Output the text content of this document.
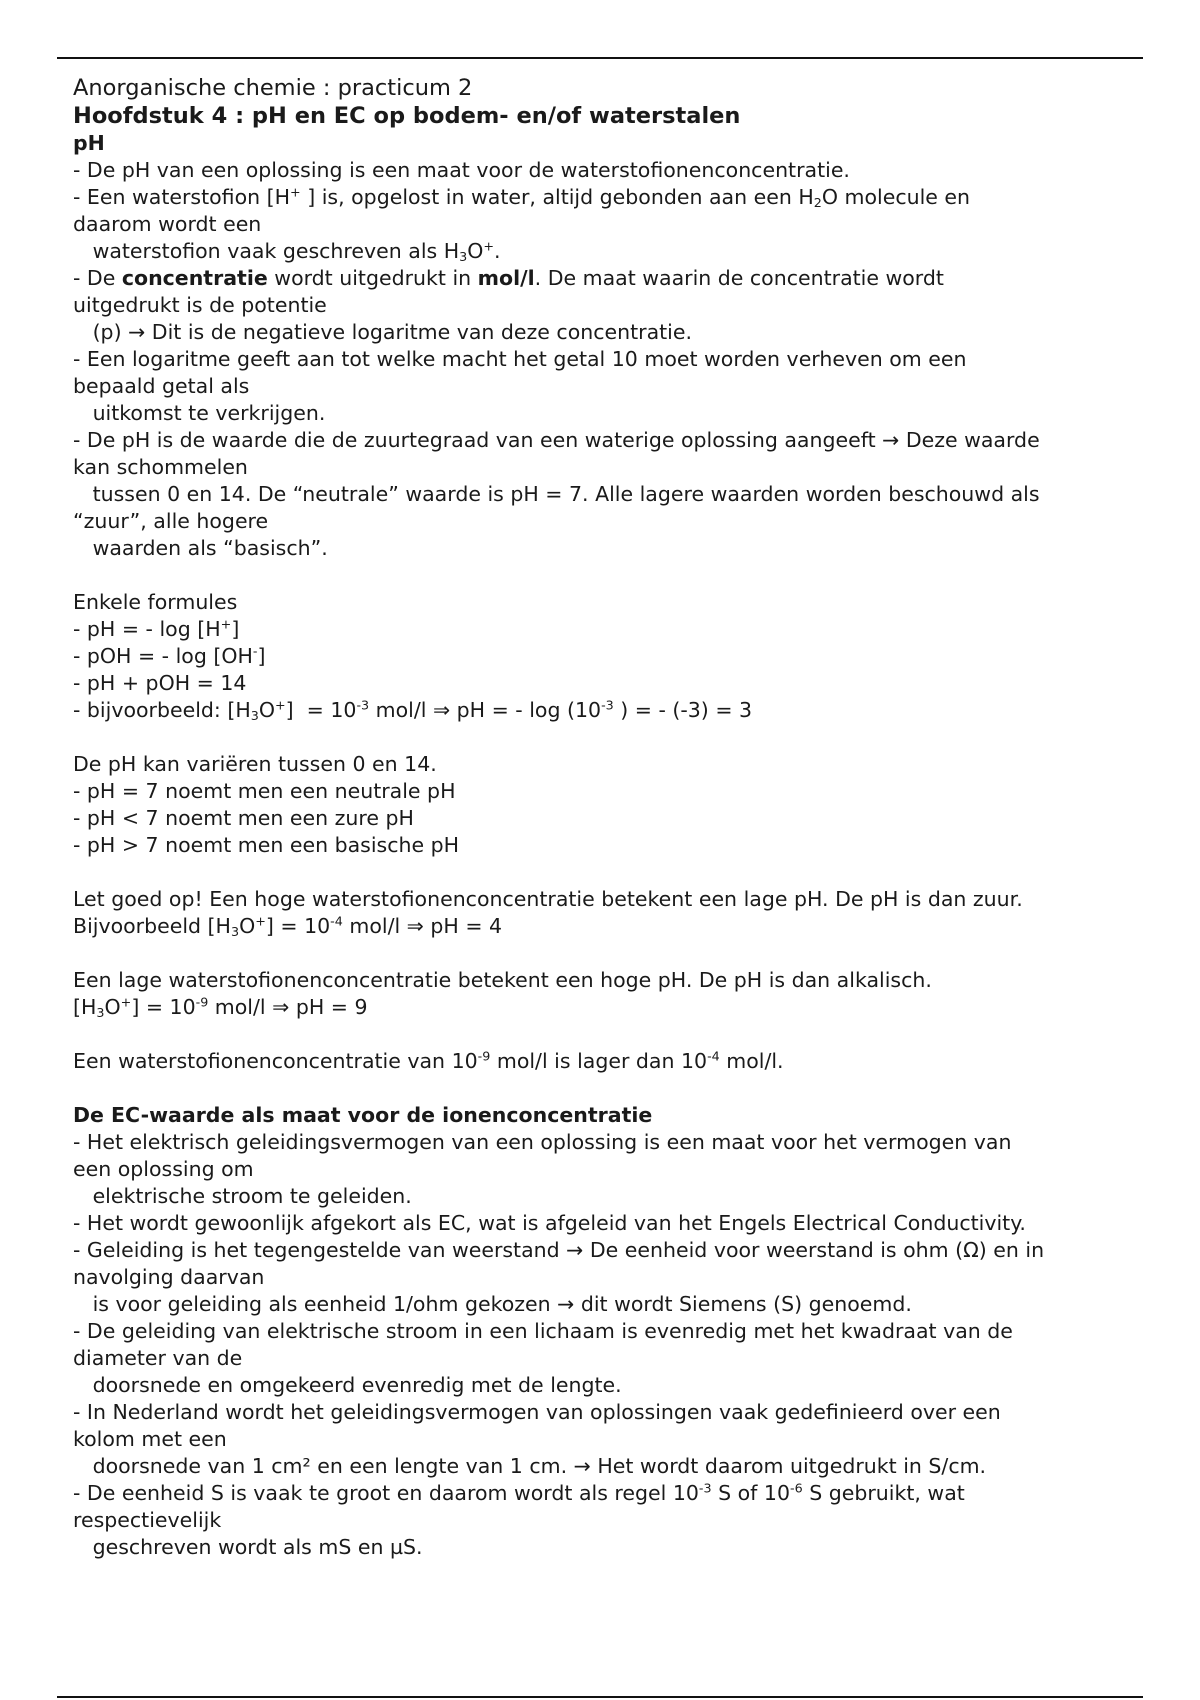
Anorganische chemie : practicum 2
Hoofdstuk 4 : pH en EC op bodem- en/of waterstalen
pH
- De pH van een oplossing is een maat voor de waterstofionenconcentratie.
- Een waterstofion [H+ ] is, opgelost in water, altijd gebonden aan een $H_2O$ molecule en
daarom wordt een
waterstofion vaak geschreven als $H_3O^+$.
- De concentratie wordt uitgedrukt in mol/l. De maat waarin de concentratie wordt
uitgedrukt is de potentie
(p) → Dit is de negatieve logaritme van deze concentratie.
- Een logaritme geeft aan tot welke macht het getal 10 moet worden verheven om een
bepaald getal als
uitkomst te verkrijgen.
- De pH is de waarde die de zuurtegraad van een waterige oplossing aangeeft → Deze waarde
kan schommelen
tussen 0 en 14. De “neutrale” waarde is pH = 7. Alle lagere waarden worden beschouwd als
“zuur”, alle hogere
waarden als “basisch”.
Enkele formules
- pH = - log [H+]
- pOH = - log [OH-]
- pH + pOH = 14
- bijvoorbeeld: $[H_3O^+] = 10^{-3}$ mol/l ⇒ pH = - $\log (10^{-3}$ ) = - (-3) = 3
De pH kan variëren tussen 0 en 14.
- pH = 7 noemt men een neutrale pH
- pH < 7 noemt men een zure pH
- pH > 7 noemt men een basische pH
Let goed op! Een hoge waterstofionenconcentratie betekent een lage pH. De pH is dan zuur.
Bijvoorbeeld $[H_3O^+] = 10^{-4}$ mol/l ⇒ pH = 4
Een lage waterstofionenconcentratie betekent een hoge pH. De pH is dan alkalisch.
$[H_3O^+] = 10^{-9}$ mol/l ⇒ pH = 9
Een waterstofionenconcentratie van $10^{-9}$ mol/l is lager dan $10^{-4}$ mol/l.
De EC-waarde als maat voor de ionenconcentratie
- Het elektrisch geleidingsvermogen van een oplossing is een maat voor het vermogen van
een oplossing om
elektrische stroom te geleiden.
- Het wordt gewoonlijk afgekort als EC, wat is afgeleid van het Engels Electrical Conductivity.
- Geleiding is het tegengestelde van weerstand → De eenheid voor weerstand is ohm (Ω) en in
navolging daarvan
is voor geleiding als eenheid 1/ohm gekozen → dit wordt Siemens (S) genoemd.
- De geleiding van elektrische stroom in een lichaam is evenredig met het kwadraat van de
diameter van de
doorsnede en omgekeerd evenredig met de lengte.
- In Nederland wordt het geleidingsvermogen van oplossingen vaak gedefinieerd over een
kolom met een
doorsnede van 1 cm² en een lengte van 1 cm. → Het wordt daarom uitgedrukt in S/cm.
- De eenheid S is vaak te groot en daarom wordt als regel $10^{-3}$ S of $10^{-6}$ S gebruikt, wat
respectievelijk
geschreven wordt als mS en µS.
